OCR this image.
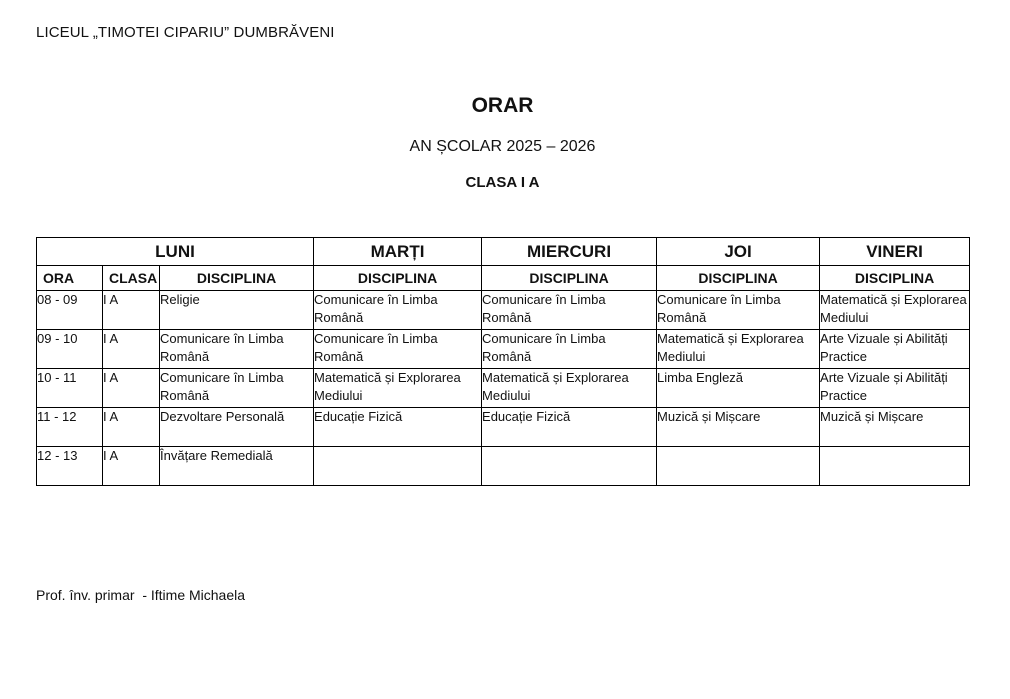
LICEUL „TIMOTEI CIPARIU” DUMBRĂVENI
ORAR
AN ȘCOLAR 2025 – 2026
CLASA I A
LUNI			MARȚI	MIERCURI	JOI	VINERI
ORA	CLASA	DISCIPLINA	DISCIPLINA	DISCIPLINA	DISCIPLINA	DISCIPLINA
08 - 09	I A	Religie	Comunicare în Limba Română	Comunicare în Limba Română	Comunicare în Limba Română	Matematică și Explorarea Mediului
09 - 10	I A	Comunicare în Limba Română	Comunicare în Limba Română	Comunicare în Limba Română	Matematică și Explorarea Mediului	Arte Vizuale și Abilități Practice
10 - 11	I A	Comunicare în Limba Română	Matematică și Explorarea Mediului	Matematică și Explorarea Mediului	Limba Engleză	Arte Vizuale și Abilități Practice
11 - 12	I A	Dezvoltare Personală	Educație Fizică	Educație Fizică	Muzică și Mișcare	Muzică și Mișcare
12 - 13	I A	Învățare Remedială				
Prof. înv. primar  - Iftime Michaela
